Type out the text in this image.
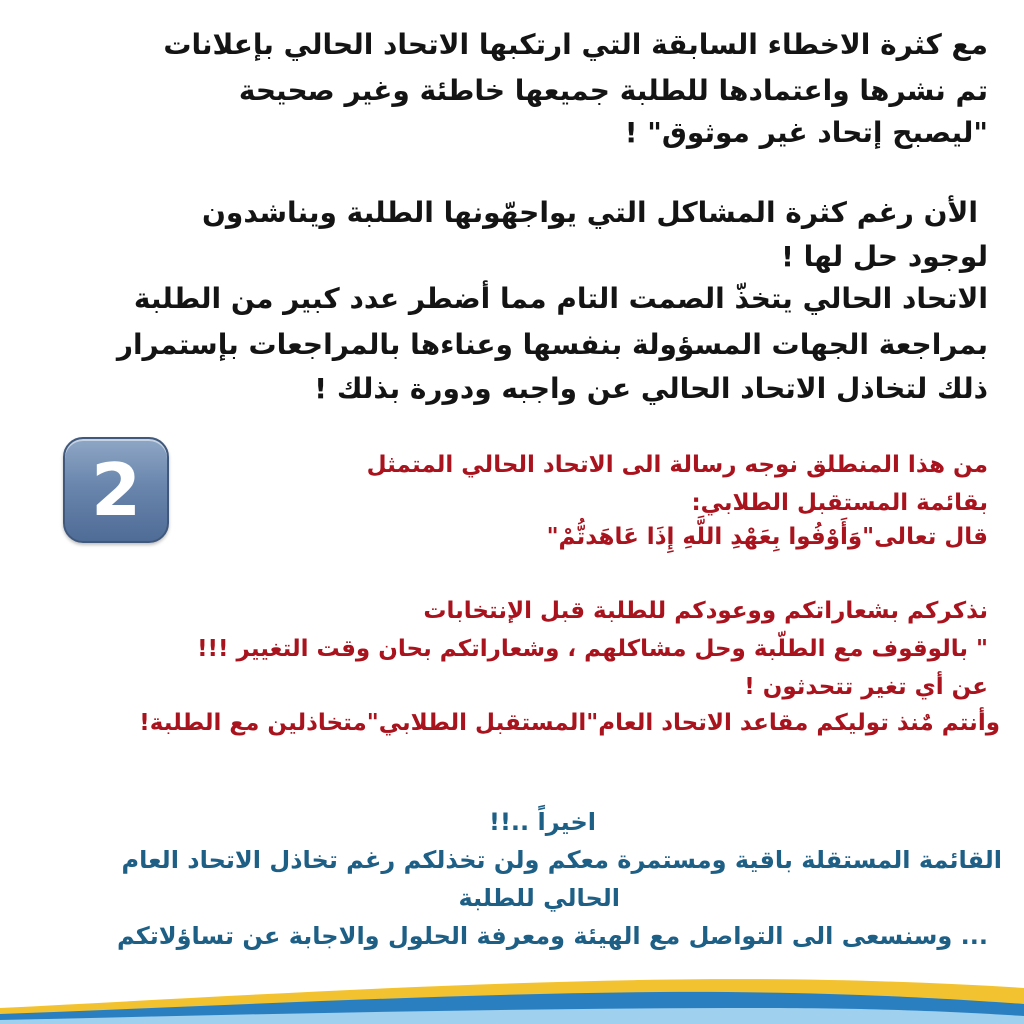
مع كثرة الاخطاء السابقة التي ارتكبها الاتحاد الحالي بإعلانات
تم نشرها واعتمادها للطلبة جميعها خاطئة وغير صحيحة
"ليصبح إتحاد غير موثوق" !
الأن رغم كثرة المشاكل التي يواجهّونها الطلبة ويناشدون
لوجود حل لها !
الاتحاد الحالي يتخذّ الصمت التام مما أضطر عدد كبير من الطلبة
بمراجعة الجهات المسؤولة بنفسها وعناءها بالمراجعات بإستمرار
ذلك لتخاذل الاتحاد الحالي عن واجبه ودورة بذلك !
2	من هذا المنطلق نوجه رسالة الى الاتحاد الحالي المتمثل
بقائمة المستقبل الطلابي:
قال تعالى"وَأَوْفُوا بِعَهْدِ اللَّهِ إِذَا عَاهَدتُّمْ"
نذكركم بشعاراتكم ووعودكم للطلبة قبل الإنتخابات
" بالوقوف مع الطلّبة وحل مشاكلهم ، وشعاراتكم بحان وقت التغيير !!!
عن أي تغير تتحدثون !
وأنتم مٌنذ توليكم مقاعد الاتحاد العام"المستقبل الطلابي"متخاذلين مع الطلبة!
اخيراً ..!!
القائمة المستقلة باقية ومستمرة معكم ولن تخذلكم رغم تخاذل الاتحاد العام
الحالي للطلبة
... وسنسعى الى التواصل مع الهيئة ومعرفة الحلول والاجابة عن تساؤلاتكم
